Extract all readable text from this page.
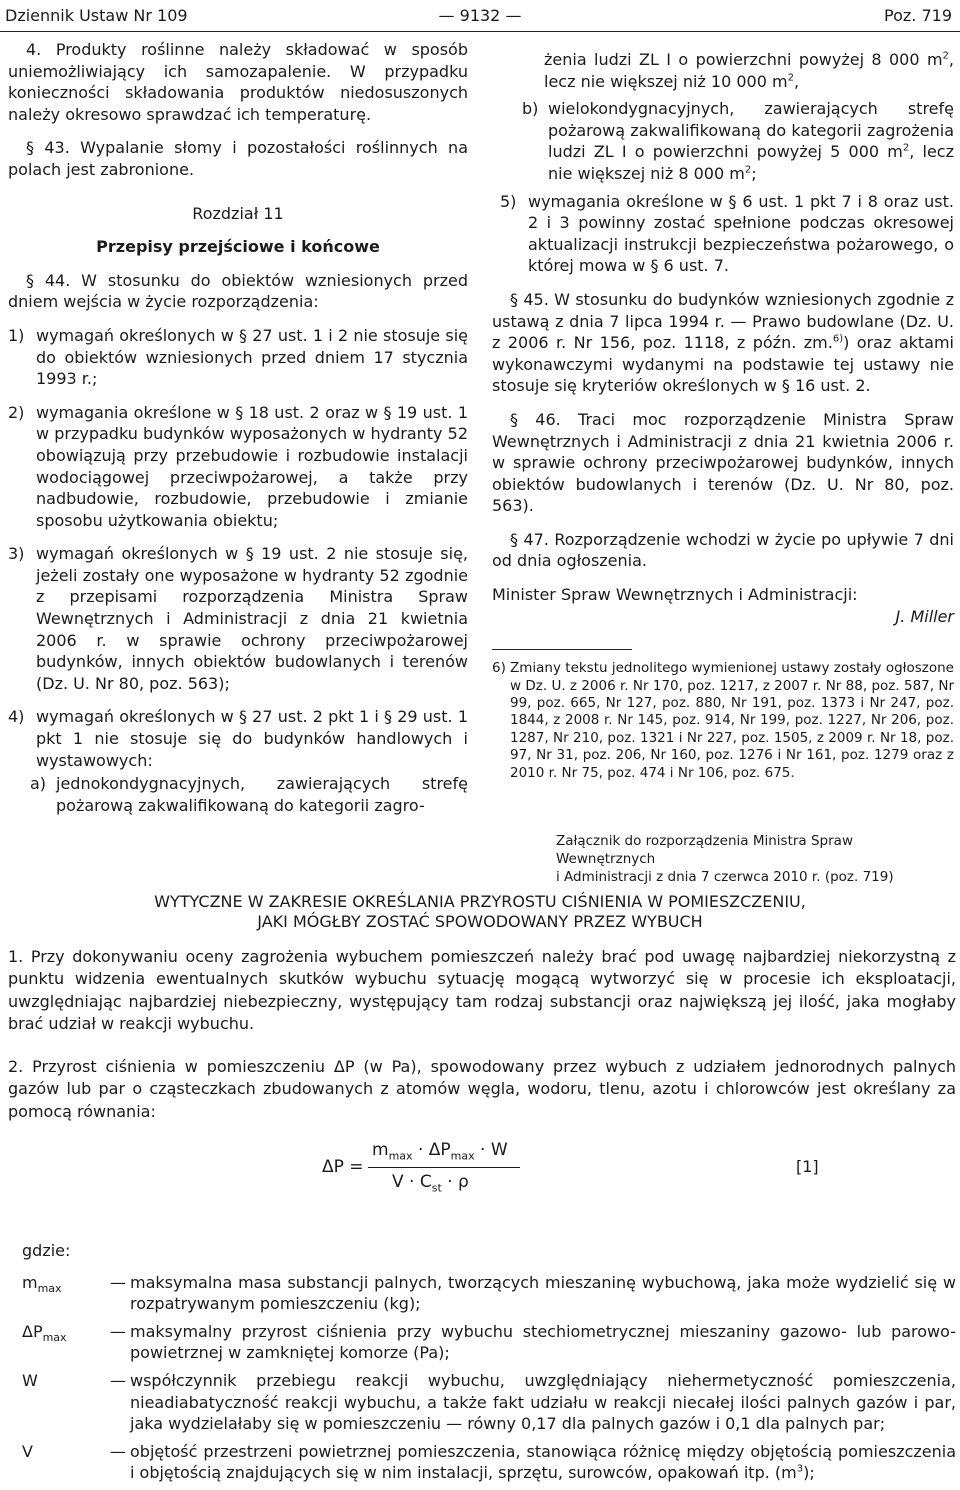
Dziennik Ustaw Nr 109	— 9132 —	Poz. 719

4. Produkty roślinne należy składować w sposób uniemożliwiający ich samozapalenie. W przypadku konieczności składowania produktów niedosuszonych należy okresowo sprawdzać ich temperaturę.

§ 43. Wypalanie słomy i pozostałości roślinnych na polach jest zabronione.

Rozdział 11

Przepisy przejściowe i końcowe

§ 44. W stosunku do obiektów wzniesionych przed dniem wejścia w życie rozporządzenia:

1) wymagań określonych w § 27 ust. 1 i 2 nie stosuje się do obiektów wzniesionych przed dniem 17 stycznia 1993 r.;
2) wymagania określone w § 18 ust. 2 oraz w § 19 ust. 1 w przypadku budynków wyposażonych w hydranty 52 obowiązują przy przebudowie i rozbudowie instalacji wodociągowej przeciwpożarowej, a także przy nadbudowie, rozbudowie, przebudowie i zmianie sposobu użytkowania obiektu;
3) wymagań określonych w § 19 ust. 2 nie stosuje się, jeżeli zostały one wyposażone w hydranty 52 zgodnie z przepisami rozporządzenia Ministra Spraw Wewnętrznych i Administracji z dnia 21 kwietnia 2006 r. w sprawie ochrony przeciwpożarowej budynków, innych obiektów budowlanych i terenów (Dz. U. Nr 80, poz. 563);
4) wymagań określonych w § 27 ust. 2 pkt 1 i § 29 ust. 1 pkt 1 nie stosuje się do budynków handlowych i wystawowych:
a) jednokondygnacyjnych, zawierających strefę pożarową zakwalifikowaną do kategorii zagro-

żenia ludzi ZL I o powierzchni powyżej 8 000 $m^2$, lecz nie większej niż 10 000 $m^2$,

b) wielokondygnacyjnych, zawierających strefę pożarową zakwalifikowaną do kategorii zagrożenia ludzi ZL I o powierzchni powyżej 5 000 $m^2$, lecz nie większej niż 8 000 $m^2$;
5) wymagania określone w § 6 ust. 1 pkt 7 i 8 oraz ust. 2 i 3 powinny zostać spełnione podczas okresowej aktualizacji instrukcji bezpieczeństwa pożarowego, o której mowa w § 6 ust. 7.

§ 45. W stosunku do budynków wzniesionych zgodnie z ustawą z dnia 7 lipca 1994 r. — Prawo budowlane (Dz. U. z 2006 r. Nr 156, poz. 1118, z późn. zm.$^{6)}$) oraz aktami wykonawczymi wydanymi na podstawie tej ustawy nie stosuje się kryteriów określonych w § 16 ust. 2.

§ 46. Traci moc rozporządzenie Ministra Spraw Wewnętrznych i Administracji z dnia 21 kwietnia 2006 r. w sprawie ochrony przeciwpożarowej budynków, innych obiektów budowlanych i terenów (Dz. U. Nr 80, poz. 563).

§ 47. Rozporządzenie wchodzi w życie po upływie 7 dni od dnia ogłoszenia.

Minister Spraw Wewnętrznych i Administracji:

J. Miller

6) Zmiany tekstu jednolitego wymienionej ustawy zostały ogłoszone w Dz. U. z 2006 r. Nr 170, poz. 1217, z 2007 r. Nr 88, poz. 587, Nr 99, poz. 665, Nr 127, poz. 880, Nr 191, poz. 1373 i Nr 247, poz. 1844, z 2008 r. Nr 145, poz. 914, Nr 199, poz. 1227, Nr 206, poz. 1287, Nr 210, poz. 1321 i Nr 227, poz. 1505, z 2009 r. Nr 18, poz. 97, Nr 31, poz. 206, Nr 160, poz. 1276 i Nr 161, poz. 1279 oraz z 2010 r. Nr 75, poz. 474 i Nr 106, poz. 675.
Załącznik do rozporządzenia Ministra Spraw Wewnętrznych
i Administracji z dnia 7 czerwca 2010 r. (poz. 719)
WYTYCZNE W ZAKRESIE OKREŚLANIA PRZYROSTU CIŚNIENIA W POMIESZCZENIU,
JAKI MÓGŁBY ZOSTAĆ SPOWODOWANY PRZEZ WYBUCH

1. Przy dokonywaniu oceny zagrożenia wybuchem pomieszczeń należy brać pod uwagę najbardziej niekorzystną z punktu widzenia ewentualnych skutków wybuchu sytuację mogącą wytworzyć się w procesie ich eksploatacji, uwzględniając najbardziej niebezpieczny, występujący tam rodzaj substancji oraz największą jej ilość, jaka mogłaby brać udział w reakcji wybuchu.

2. Przyrost ciśnienia w pomieszczeniu ΔP (w Pa), spowodowany przez wybuch z udziałem jednorodnych palnych gazów lub par o cząsteczkach zbudowanych z atomów węgla, wodoru, tlenu, azotu i chlorowców jest określany za pomocą równania:

ΔP =
$m_{max} \cdot \Delta P_{max} \cdot W$
$V \cdot C_{st} \cdot \rho$
[1]
gdzie:
$m_{max}$	— maksymalna masa substancji palnych, tworzących mieszaninę wybuchową, jaka może wydzielić się w rozpatrywanym pomieszczeniu (kg);
$\Delta P_{max}$	— maksymalny przyrost ciśnienia przy wybuchu stechiometrycznej mieszaniny gazowo- lub parowo-powietrznej w zamkniętej komorze (Pa);
W	— współczynnik przebiegu reakcji wybuchu, uwzględniający niehermetyczność pomieszczenia, nieadiabatyczność reakcji wybuchu, a także fakt udziału w reakcji niecałej ilości palnych gazów i par, jaka wydzielałaby się w pomieszczeniu — równy 0,17 dla palnych gazów i 0,1 dla palnych par;
V	— objętość przestrzeni powietrznej pomieszczenia, stanowiąca różnicę między objętością pomieszczenia i objętością znajdujących się w nim instalacji, sprzętu, surowców, opakowań itp. $(m^3)$;
